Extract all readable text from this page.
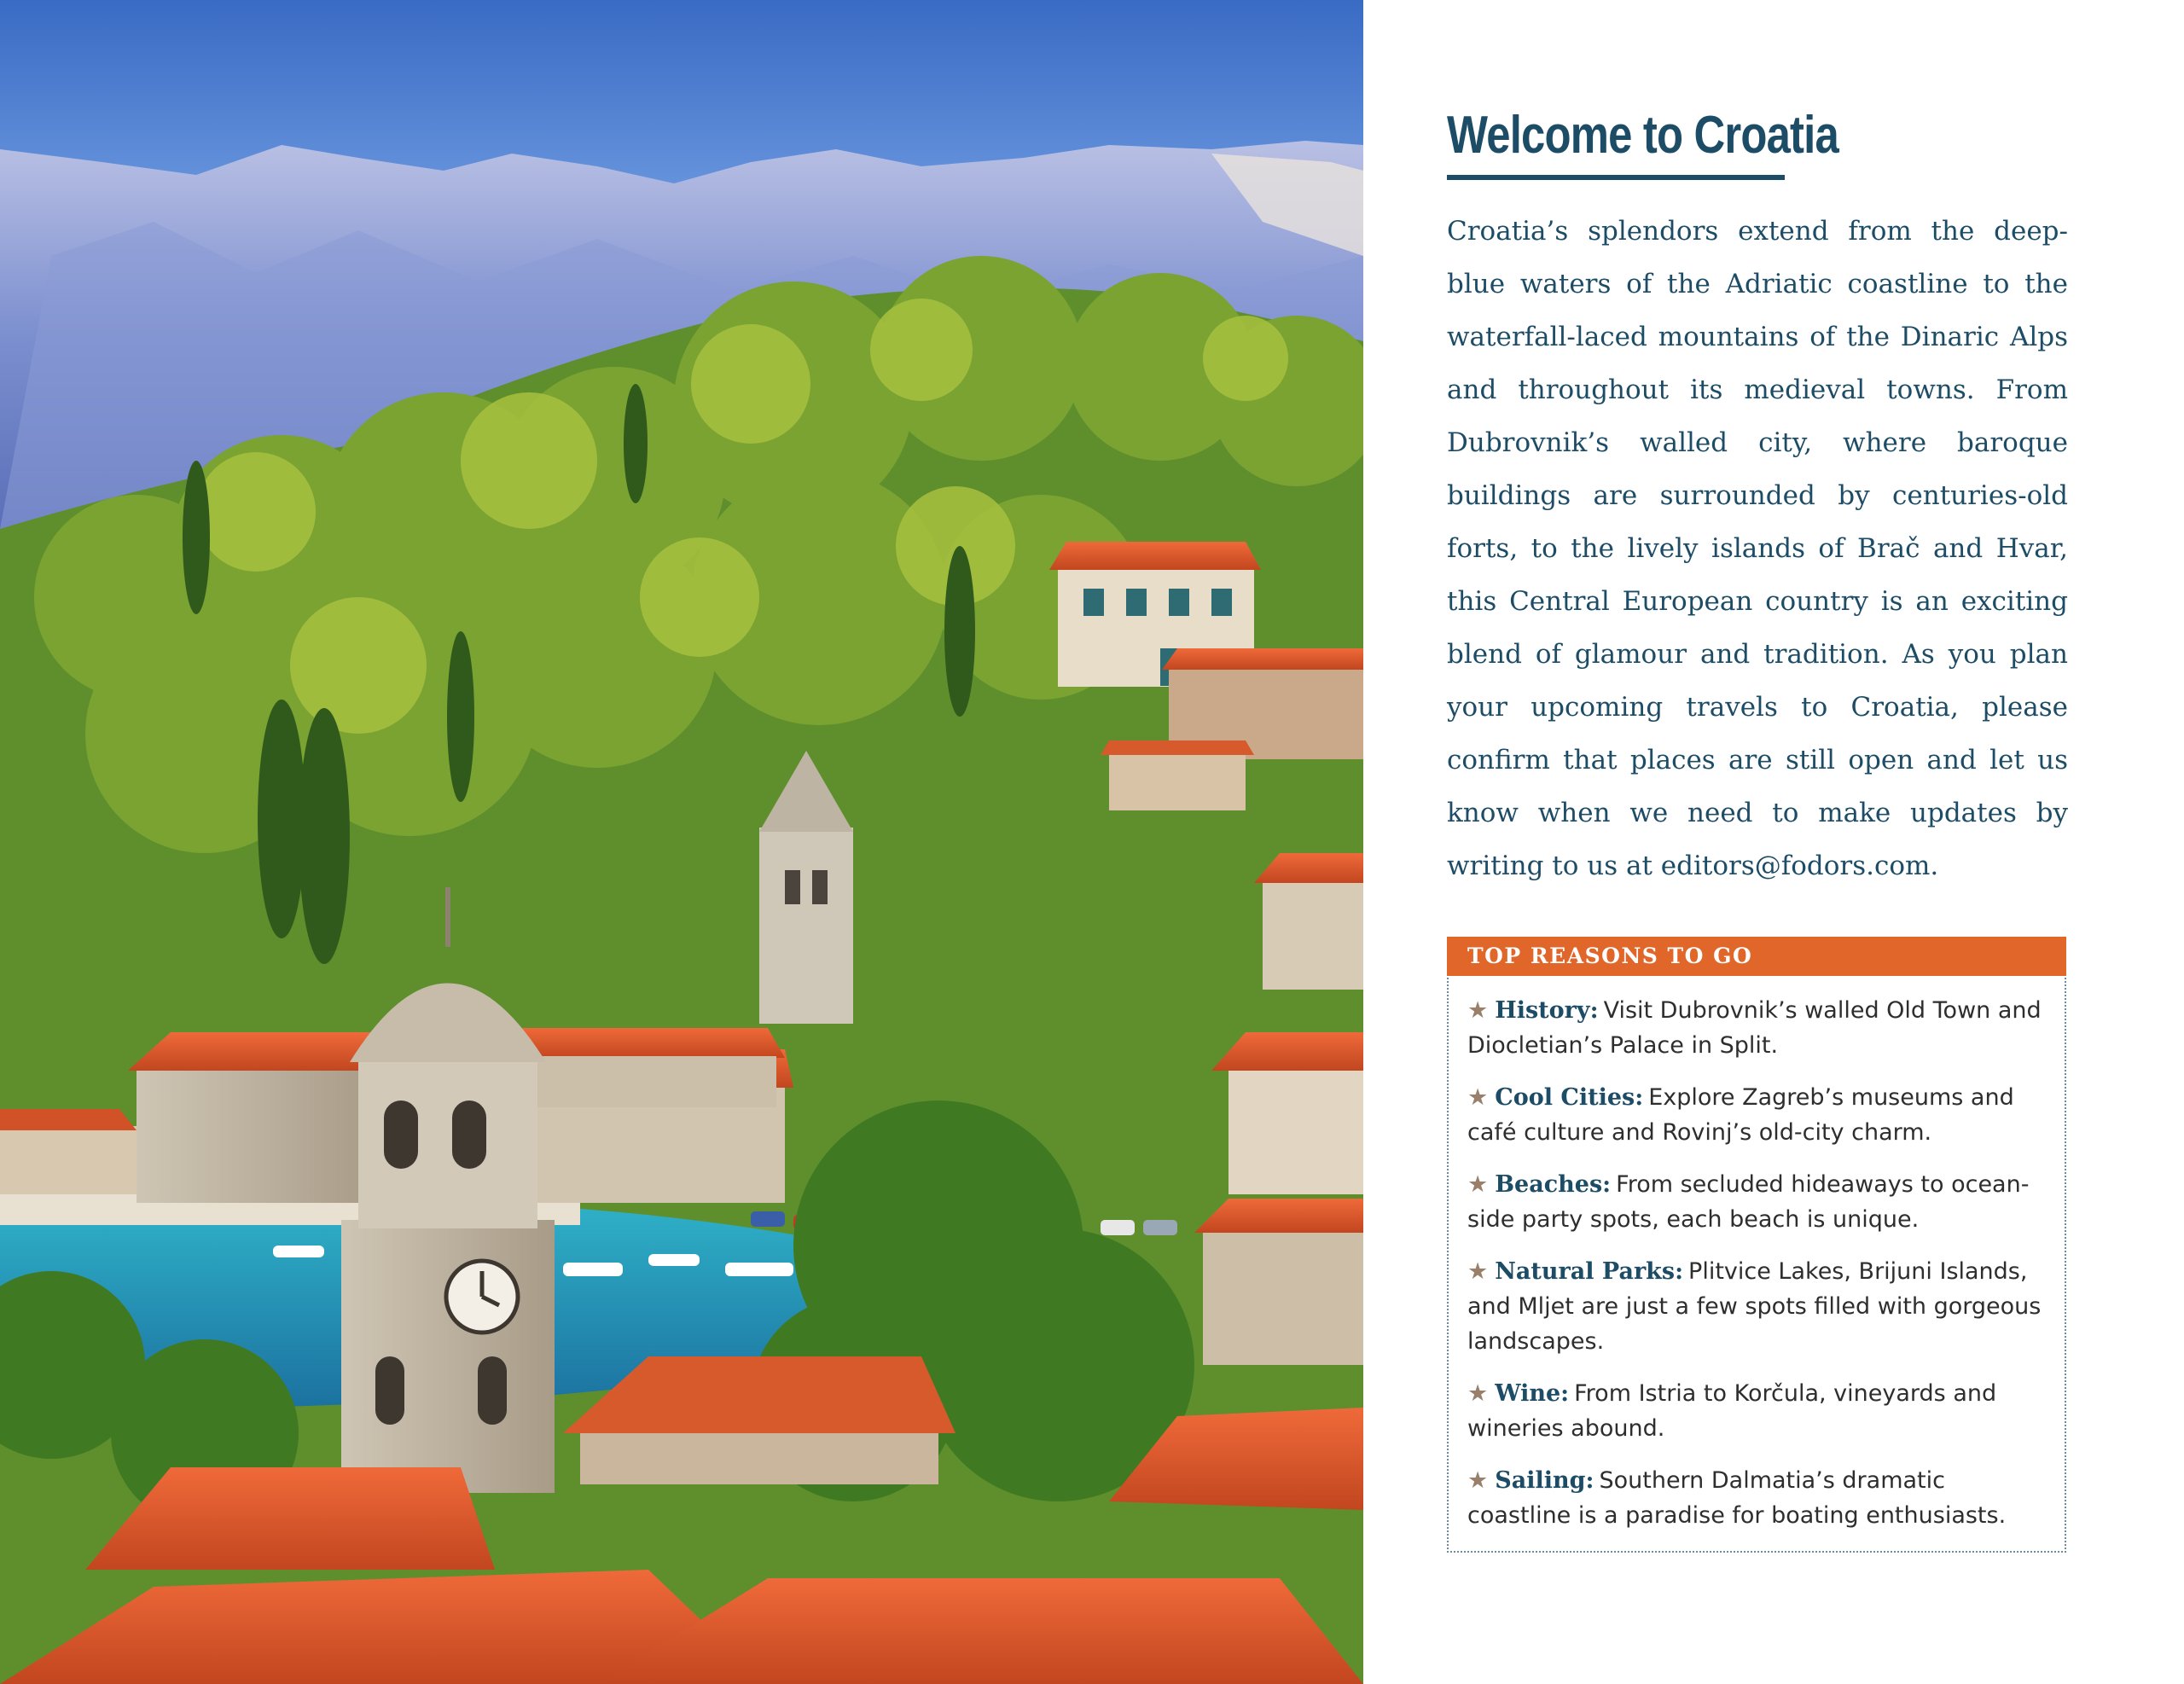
Welcome to Croatia

Croatia’s splendors extend from the deep-blue waters of the Adriatic coastline to the waterfall-laced mountains of the Dinaric Alps and throughout its medieval towns. From Dubrovnik’s walled city, where baroque buildings are surrounded by centuries-old forts, to the lively islands of Brač and Hvar, this Central European country is an exciting blend of glamour and tradition. As you plan your upcoming travels to Croatia, please confirm that places are still open and let us know when we need to make updates by writing to us at editors@fodors.com.

TOP REASONS TO GO
★ History: Visit Dubrovnik’s walled Old Town and Diocletian’s Palace in Split.
★ Cool Cities: Explore Zagreb’s museums and café culture and Rovinj’s old-city charm.
★ Beaches: From secluded hideaways to ocean-side party spots, each beach is unique.
★ Natural Parks: Plitvice Lakes, Brijuni Islands, and Mljet are just a few spots filled with gorgeous landscapes.
★ Wine: From Istria to Korčula, vineyards and wineries abound.
★ Sailing: Southern Dalmatia’s dramatic coastline is a paradise for boating enthusiasts.
